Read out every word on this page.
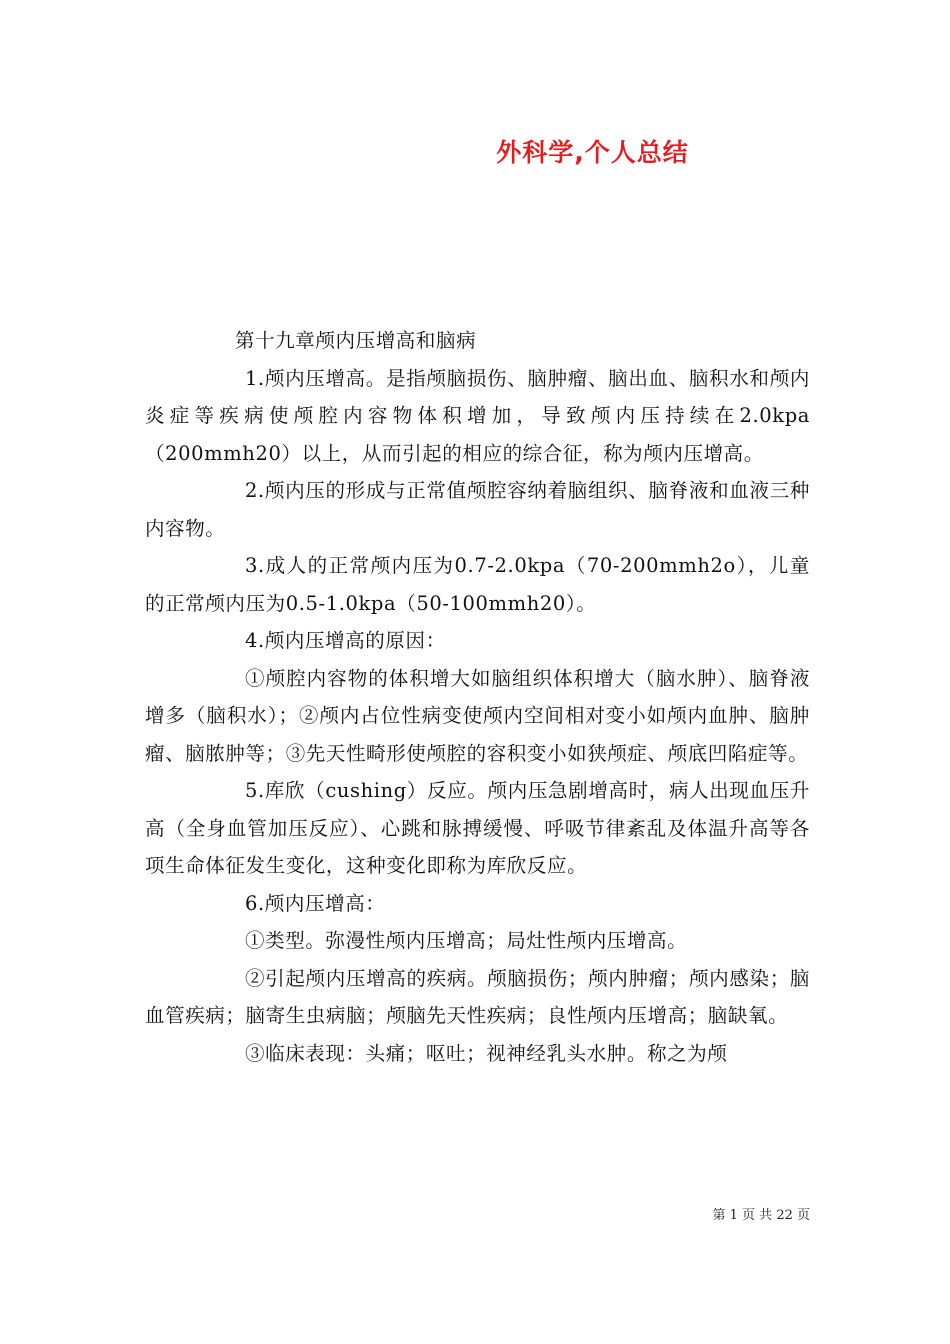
外科学,个人总结

第十九章颅内压增高和脑病

1.颅内压增高。是指颅脑损伤、脑肿瘤、脑出血、脑积水和颅内炎症等疾病使颅腔内容物体积增加，导致颅内压持续在2.0kpa（200mmh20）以上，从而引起的相应的综合征，称为颅内压增高。

2.颅内压的形成与正常值颅腔容纳着脑组织、脑脊液和血液三种内容物。

3.成人的正常颅内压为0.7-2.0kpa（70-200mmh2o），儿童的正常颅内压为0.5-1.0kpa（50-100mmh20）。

4.颅内压增高的原因：

①颅腔内容物的体积增大如脑组织体积增大（脑水肿）、脑脊液增多（脑积水）；②颅内占位性病变使颅内空间相对变小如颅内血肿、脑肿瘤、脑脓肿等；③先天性畸形使颅腔的容积变小如狭颅症、颅底凹陷症等。

5.库欣（cushing）反应。颅内压急剧增高时，病人出现血压升高（全身血管加压反应）、心跳和脉搏缓慢、呼吸节律紊乱及体温升高等各项生命体征发生变化，这种变化即称为库欣反应。

6.颅内压增高：

①类型。弥漫性颅内压增高；局灶性颅内压增高。

②引起颅内压增高的疾病。颅脑损伤；颅内肿瘤；颅内感染；脑血管疾病；脑寄生虫病脑；颅脑先天性疾病；良性颅内压增高；脑缺氧。

③临床表现：头痛；呕吐；视神经乳头水肿。称之为颅

第 1 页 共 22 页
